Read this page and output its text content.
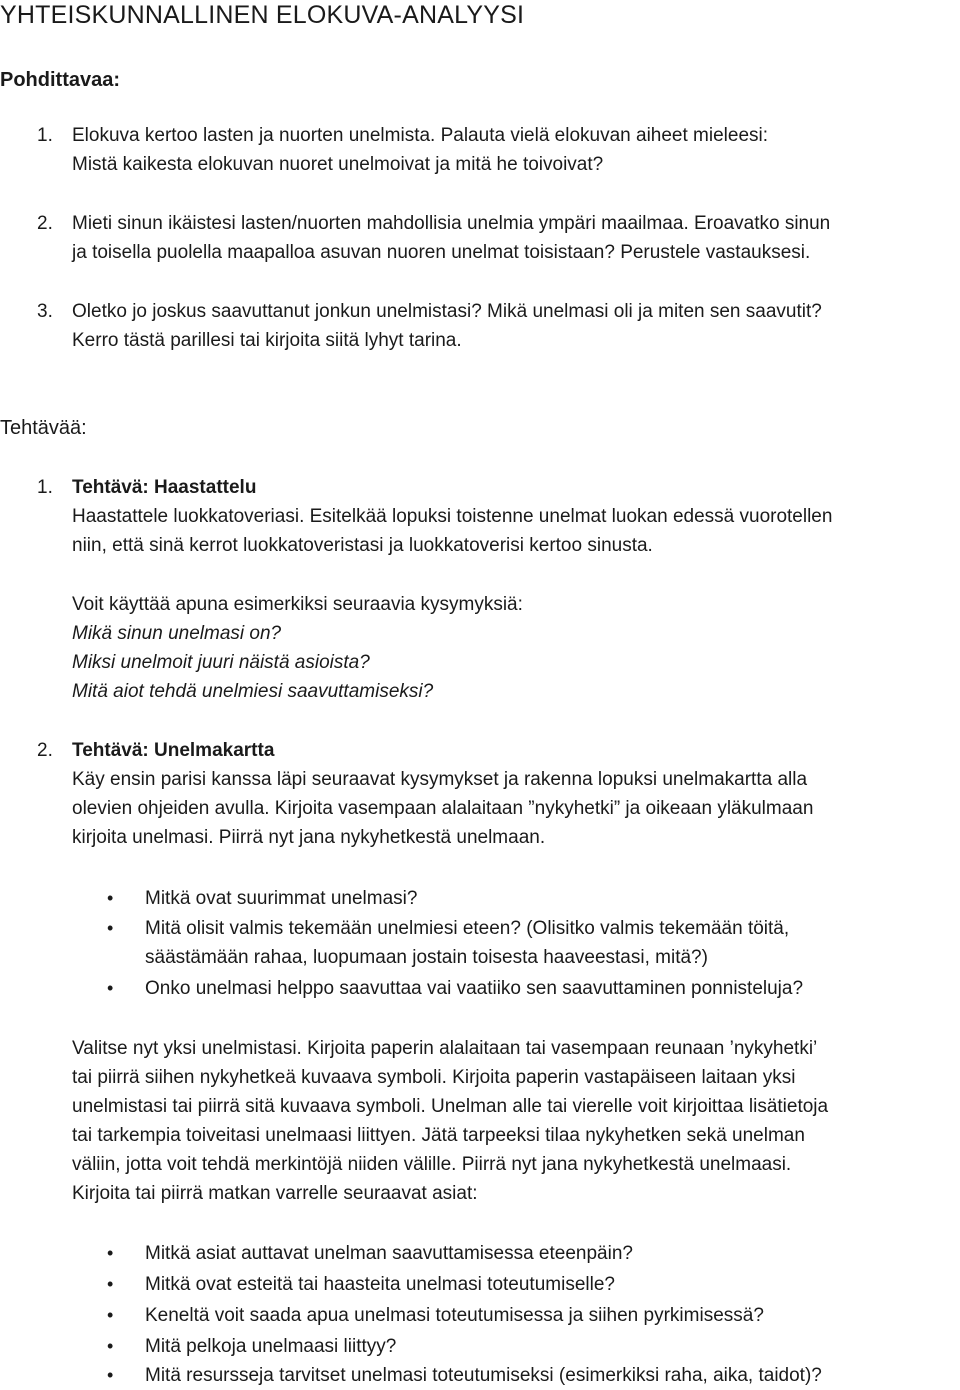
YHTEISKUNNALLINEN ELOKUVA-ANALYYSI
Pohdittavaa:
1. Elokuva kertoo lasten ja nuorten unelmista. Palauta vielä elokuvan aiheet mieleesi:
Mistä kaikesta elokuvan nuoret unelmoivat ja mitä he toivoivat?
2. Mieti sinun ikäistesi lasten/nuorten mahdollisia unelmia ympäri maailmaa. Eroavatko sinun
ja toisella puolella maapalloa asuvan nuoren unelmat toisistaan? Perustele vastauksesi.
3. Oletko jo joskus saavuttanut jonkun unelmistasi? Mikä unelmasi oli ja miten sen saavutit?
Kerro tästä parillesi tai kirjoita siitä lyhyt tarina.
Tehtävää:
1. Tehtävä: Haastattelu
Haastattele luokkatoveriasi. Esitelkää lopuksi toistenne unelmat luokan edessä vuorotellen
niin, että sinä kerrot luokkatoveristasi ja luokkatoverisi kertoo sinusta.
Voit käyttää apuna esimerkiksi seuraavia kysymyksiä:
Mikä sinun unelmasi on?
Miksi unelmoit juuri näistä asioista?
Mitä aiot tehdä unelmiesi saavuttamiseksi?
2. Tehtävä: Unelmakartta
Käy ensin parisi kanssa läpi seuraavat kysymykset ja rakenna lopuksi unelmakartta alla
olevien ohjeiden avulla. Kirjoita vasempaan alalaitaan ”nykyhetki” ja oikeaan yläkulmaan
kirjoita unelmasi. Piirrä nyt jana nykyhetkestä unelmaan.
• Mitkä ovat suurimmat unelmasi?
• Mitä olisit valmis tekemään unelmiesi eteen? (Olisitko valmis tekemään töitä,
säästämään rahaa, luopumaan jostain toisesta haaveestasi, mitä?)
• Onko unelmasi helppo saavuttaa vai vaatiiko sen saavuttaminen ponnisteluja?
Valitse nyt yksi unelmistasi. Kirjoita paperin alalaitaan tai vasempaan reunaan ’nykyhetki’
tai piirrä siihen nykyhetkeä kuvaava symboli. Kirjoita paperin vastapäiseen laitaan yksi
unelmistasi tai piirrä sitä kuvaava symboli. Unelman alle tai vierelle voit kirjoittaa lisätietoja
tai tarkempia toiveitasi unelmaasi liittyen. Jätä tarpeeksi tilaa nykyhetken sekä unelman
väliin, jotta voit tehdä merkintöjä niiden välille. Piirrä nyt jana nykyhetkestä unelmaasi.
Kirjoita tai piirrä matkan varrelle seuraavat asiat:
• Mitkä asiat auttavat unelman saavuttamisessa eteenpäin?
• Mitkä ovat esteitä tai haasteita unelmasi toteutumiselle?
• Keneltä voit saada apua unelmasi toteutumisessa ja siihen pyrkimisessä?
• Mitä pelkoja unelmaasi liittyy?
• Mitä resursseja tarvitset unelmasi toteutumiseksi (esimerkiksi raha, aika, taidot)?
